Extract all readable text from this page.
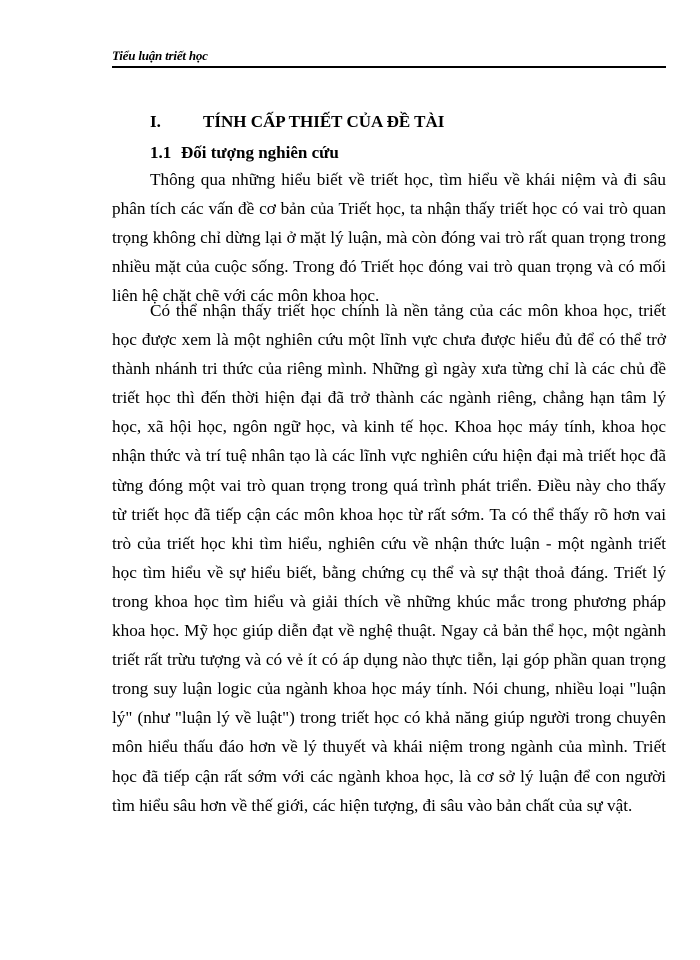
Tiểu luận triết học
I. TÍNH CẤP THIẾT CỦA ĐỀ TÀI
1.1 Đối tượng nghiên cứu

Thông qua những hiểu biết về triết học, tìm hiểu về khái niệm và đi sâu phân tích các vấn đề cơ bản của Triết học, ta nhận thấy triết học có vai trò quan trọng không chỉ dừng lại ở mặt lý luận, mà còn đóng vai trò rất quan trọng trong nhiều mặt của cuộc sống. Trong đó Triết học đóng vai trò quan trọng và có mối liên hệ chặt chẽ với các môn khoa học.

Có thể nhận thấy triết học chính là nền tảng của các môn khoa học, triết học được xem là một nghiên cứu một lĩnh vực chưa được hiểu đủ để có thể trở thành nhánh tri thức của riêng mình. Những gì ngày xưa từng chỉ là các chủ đề triết học thì đến thời hiện đại đã trở thành các ngành riêng, chẳng hạn tâm lý học, xã hội học, ngôn ngữ học, và kinh tế học. Khoa học máy tính, khoa học nhận thức và trí tuệ nhân tạo là các lĩnh vực nghiên cứu hiện đại mà triết học đã từng đóng một vai trò quan trọng trong quá trình phát triển. Điều này cho thấy từ triết học đã tiếp cận các môn khoa học từ rất sớm. Ta có thể thấy rõ hơn vai trò của triết học khi tìm hiểu, nghiên cứu về nhận thức luận - một ngành triết học tìm hiểu về sự hiểu biết, bằng chứng cụ thể và sự thật thoả đáng. Triết lý trong khoa học tìm hiểu và giải thích về những khúc mắc trong phương pháp khoa học. Mỹ học giúp diễn đạt về nghệ thuật. Ngay cả bản thể học, một ngành triết rất trừu tượng và có vẻ ít có áp dụng nào thực tiễn, lại góp phần quan trọng trong suy luận logic của ngành khoa học máy tính. Nói chung, nhiều loại "luận lý" (như "luận lý về luật") trong triết học có khả năng giúp người trong chuyên môn hiểu thấu đáo hơn về lý thuyết và khái niệm trong ngành của mình. Triết học đã tiếp cận rất sớm với các ngành khoa học, là cơ sở lý luận để con người tìm hiểu sâu hơn về thế giới, các hiện tượng, đi sâu vào bản chất của sự vật.
